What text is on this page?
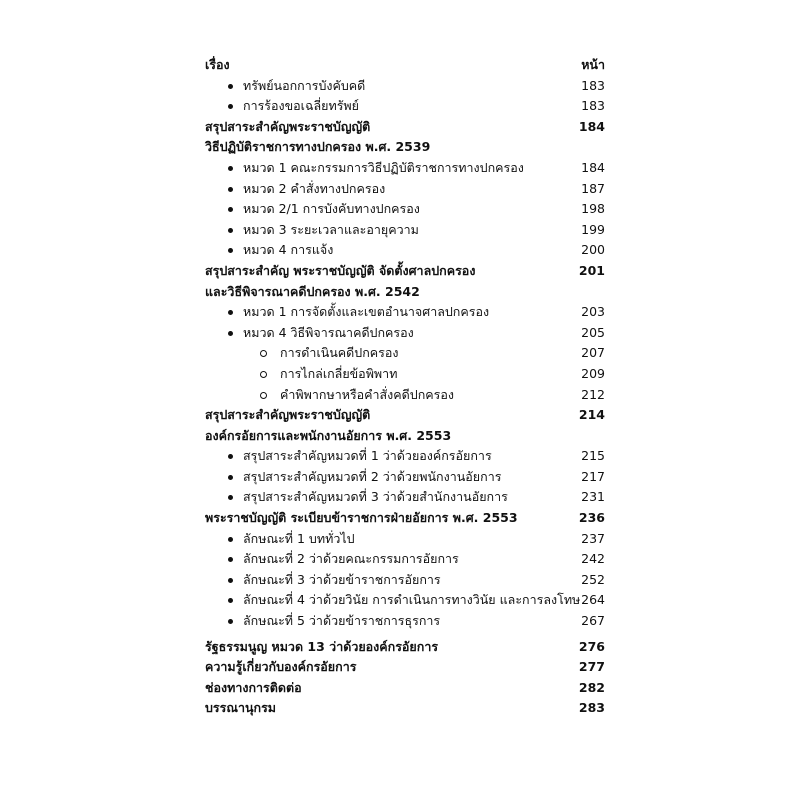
เรื่อง	หน้า
ทรัพย์นอกการบังคับคดี	183
การร้องขอเฉลี่ยทรัพย์	183
สรุปสาระสำคัญพระราชบัญญัติ	184
วิธีปฏิบัติราชการทางปกครอง พ.ศ. 2539
หมวด 1 คณะกรรมการวิธีปฏิบัติราชการทางปกครอง	184
หมวด 2 คำสั่งทางปกครอง	187
หมวด 2/1 การบังคับทางปกครอง	198
หมวด 3 ระยะเวลาและอายุความ	199
หมวด 4 การแจ้ง	200
สรุปสาระสำคัญ พระราชบัญญัติ จัดตั้งศาลปกครอง	201
และวิธีพิจารณาคดีปกครอง พ.ศ. 2542
หมวด 1 การจัดตั้งและเขตอำนาจศาลปกครอง	203
หมวด 4 วิธีพิจารณาคดีปกครอง	205
การดำเนินคดีปกครอง	207
การไกล่เกลี่ยข้อพิพาท	209
คำพิพากษาหรือคำสั่งคดีปกครอง	212
สรุปสาระสำคัญพระราชบัญญัติ	214
องค์กรอัยการและพนักงานอัยการ พ.ศ. 2553
สรุปสาระสำคัญหมวดที่ 1 ว่าด้วยองค์กรอัยการ	215
สรุปสาระสำคัญหมวดที่ 2 ว่าด้วยพนักงานอัยการ	217
สรุปสาระสำคัญหมวดที่ 3 ว่าด้วยสำนักงานอัยการ	231
พระราชบัญญัติ ระเบียบข้าราชการฝ่ายอัยการ พ.ศ. 2553	236
ลักษณะที่ 1 บททั่วไป	237
ลักษณะที่ 2 ว่าด้วยคณะกรรมการอัยการ	242
ลักษณะที่ 3 ว่าด้วยข้าราชการอัยการ	252
ลักษณะที่ 4 ว่าด้วยวินัย การดำเนินการทางวินัย และการลงโทษ 264
ลักษณะที่ 5 ว่าด้วยข้าราชการธุรการ	267
รัฐธรรมนูญ หมวด 13 ว่าด้วยองค์กรอัยการ	276
ความรู้เกี่ยวกับองค์กรอัยการ	277
ช่องทางการติดต่อ	282
บรรณานุกรม	283
